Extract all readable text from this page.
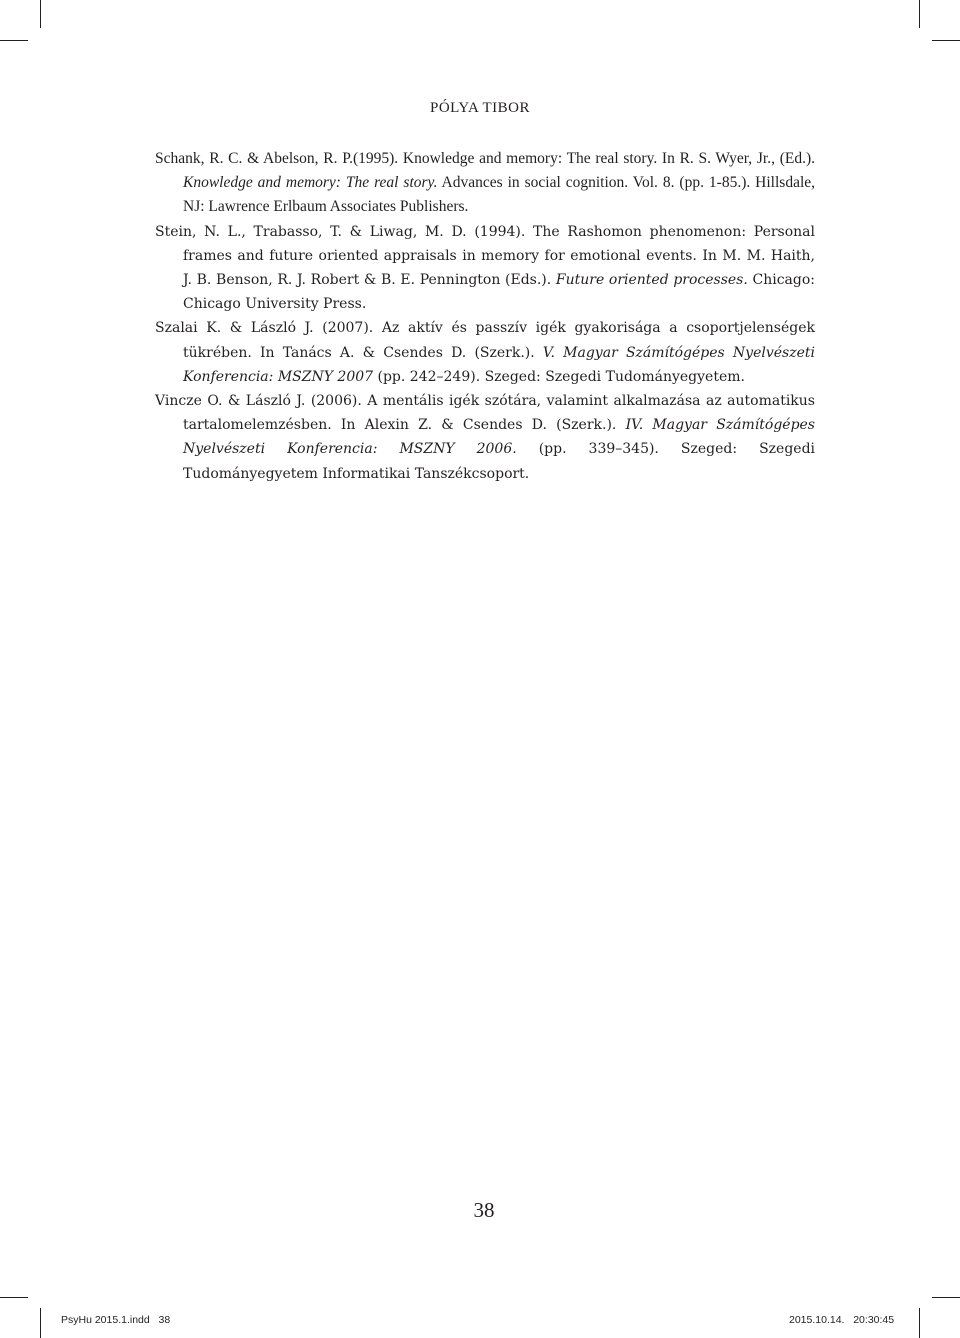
PÓLYA TIBOR

Schank, R. C. & Abelson, R. P.(1995). Knowledge and memory: The real story. In R. S. Wyer, Jr., (Ed.). Knowledge and memory: The real story. Advances in social cognition. Vol. 8. (pp. 1-85.). Hillsdale, NJ: Lawrence Erlbaum Associates Publishers.

Stein, N. L., Trabasso, T. & Liwag, M. D. (1994). The Rashomon phenomenon: Personal frames and future oriented appraisals in memory for emotional events. In M. M. Haith, J. B. Benson, R. J. Robert & B. E. Pennington (Eds.). Future oriented processes. Chicago: Chicago University Press.

Szalai K. & László J. (2007). Az aktív és passzív igék gyakorisága a csoportjelenségek tükrében. In Tanács A. & Csendes D. (Szerk.). V. Magyar Számítógépes Nyelvészeti Konferencia: MSZNY 2007 (pp. 242–249). Szeged: Szegedi Tudományegyetem.

Vincze O. & László J. (2006). A mentális igék szótára, valamint alkalmazása az automatikus tartalomelemzésben. In Alexin Z. & Csendes D. (Szerk.). IV. Magyar Számítógépes Nyelvészeti Konferencia: MSZNY 2006. (pp. 339–345). Szeged: Szegedi Tudományegyetem Informatikai Tanszékcsoport.

38
PsyHu 2015.1.indd   38	2015.10.14.   20:30:45
